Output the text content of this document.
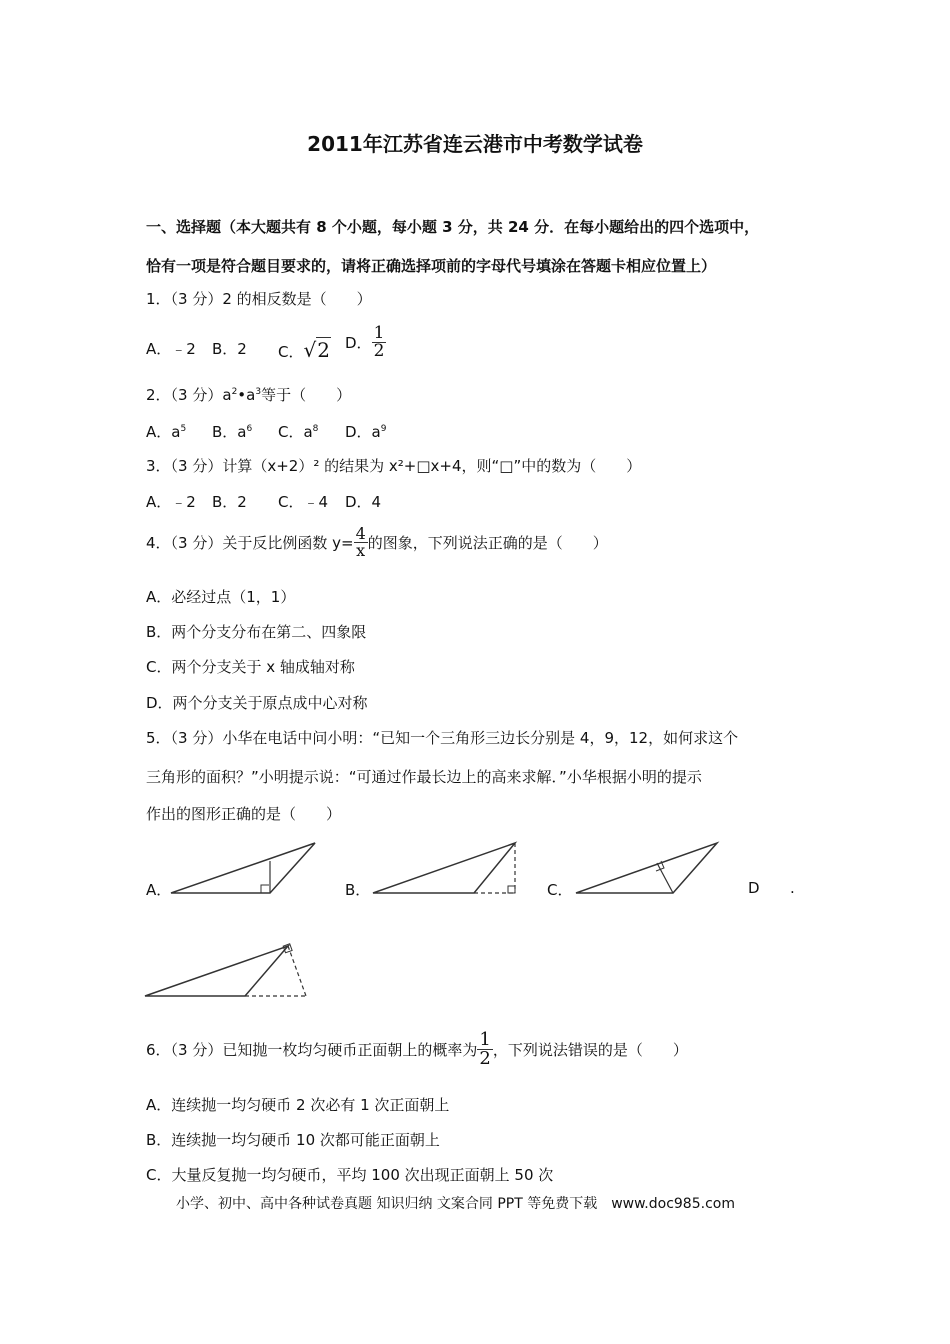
2011年江苏省连云港市中考数学试卷
一、选择题（本大题共有 8 个小题，每小题 3 分，共 24 分．在每小题给出的四个选项中，
恰有一项是符合题目要求的，请将正确选择项前的字母代号填涂在答题卡相应位置上）
1．（3 分）2 的相反数是（　　）
A．﹣2 B．2 C．√2 D． $\frac{1}{2}$
2．（3 分）$a^2•a^3$等于（　　）
A．$a^5$ B．$a^6$ C．$a^8$ D．$a^9$
3．（3 分）计算（x+2）² 的结果为 x²+□x+4，则“□”中的数为（　　）
A．﹣2 B．2 C．﹣4 D．4
4．（3 分）关于反比例函数 $y= \frac{4}{x}$ 的图象，下列说法正确的是（　　）
A．必经过点（1，1）
B．两个分支分布在第二、四象限
C．两个分支关于 x 轴成轴对称
D．两个分支关于原点成中心对称
5．（3 分）小华在电话中问小明：“已知一个三角形三边长分别是 4，9，12，如何求这个
三角形的面积？”小明提示说：“可通过作最长边上的高来求解．”小华根据小明的提示
作出的图形正确的是（　　）
A．	B．	C．	D .
6．（3 分）已知抛一枚均匀硬币正面朝上的概率为 $\frac{1}{2}$ ，下列说法错误的是（　　）
A．连续抛一均匀硬币 2 次必有 1 次正面朝上
B．连续抛一均匀硬币 10 次都可能正面朝上
C．大量反复抛一均匀硬币，平均 100 次出现正面朝上 50 次
小学、初中、高中各种试卷真题 知识归纳 文案合同 PPT 等免费下载　www.doc985.com
